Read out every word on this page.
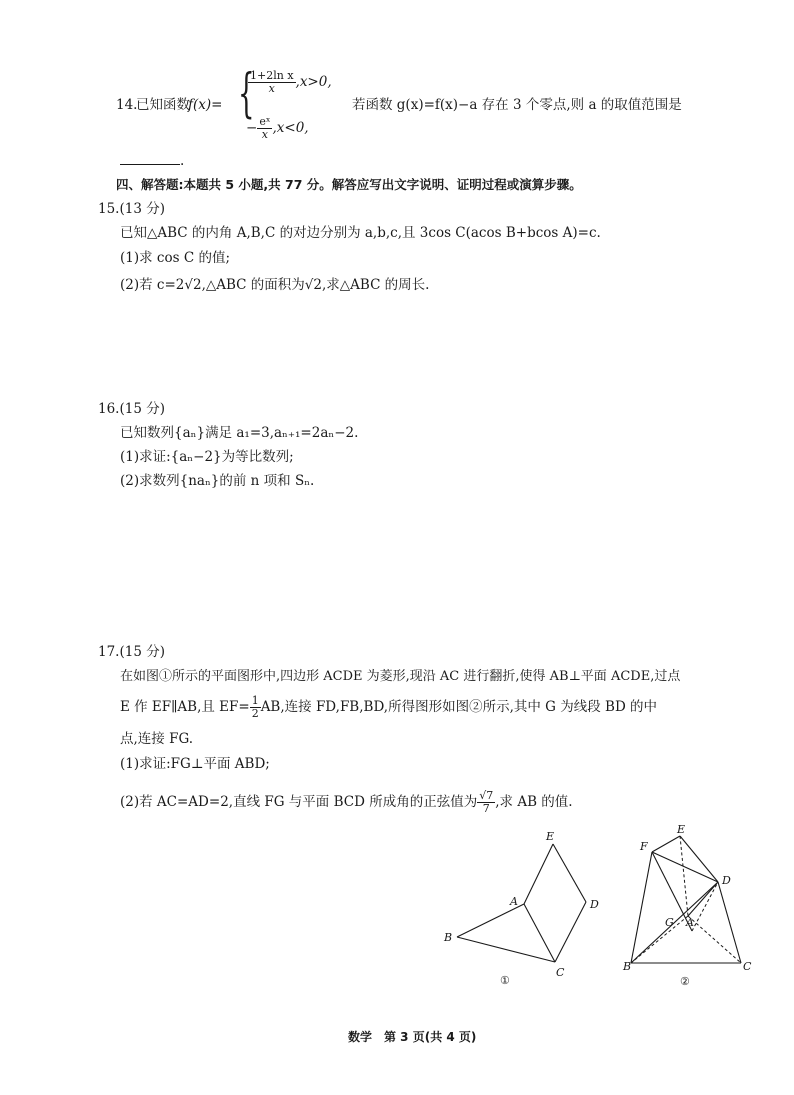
14.
已知函数
f(x)= {
$\frac{\text{1+2ln x}}{x} ,x>0$,
− $\frac{\text{eˣ}}{x} ,x<0$,
若函数 g(x)=f(x)−a 存在 3 个零点,则 a 的取值范围是
.
四、解答题:本题共 5 小题,共 77 分。解答应写出文字说明、证明过程或演算步骤。
15.(13 分)
已知△ABC 的内角 A,B,C 的对边分别为 a,b,c,且 3cos C(acos B+bcos A)=c.
(1)求 cos C 的值;
(2)若 c=2√2,△ABC 的面积为√2,求△ABC 的周长.
16.(15 分)
已知数列{aₙ}满足 a₁=3,aₙ₊₁=2aₙ−2.
(1)求证:{aₙ−2}为等比数列;
(2)求数列{naₙ}的前 n 项和 Sₙ.
17.(15 分)
在如图①所示的平面图形中,四边形 ACDE 为菱形,现沿 AC 进行翻折,使得 AB⊥平面 ACDE,过点
E 作 EF∥AB,且 $EF= \frac{1}{2}$ AB,连接 FD,FB,BD,所得图形如图②所示,其中 G 为线段 BD 的中
点,连接 FG.
(1)求证:FG⊥平面 ABD;
(2)若 AC=AD=2,直线 FG 与平面 BCD 所成角的正弦值为 $\frac{√7}{7}$ ,求 AB 的值.
E
A	D
B
C
①
F
E
D
G A
B	C
②
数学　第 3 页(共 4 页)
